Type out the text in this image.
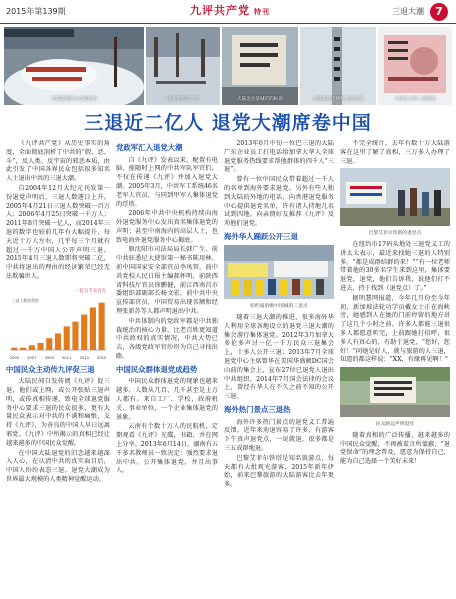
2015年第139期	九评共产党 特刊	三退大潮	7
大陆某地民众自发标语	民众雪地写三退	大陆北方某城市的标语	山西某处电线杆上的大字	人民币上的三退信息
三退近二亿人 退党大潮席卷中国

《九评共产党》从历史事实的角度，全面彻底剖析了中共的“假、恶、斗”，反人类、反宇宙的邪恶本质，由此引发了中国各界民众包括很多知名人士退出中共的三退大潮。

自2004年12月大纪元刊发第一份退党声明后，三退人数逐日上升。2005年4月21日三退人数突破一百万人；2006年4月25日突破一千万人；2011年8月突破一亿人，而2014年三退的数字也较前几年有大幅提升，每天近十万人左右，几乎每三个月就有超过一千万中国人公开声明三退。2015年4月三退人数即将突破二亿，中共将退出的理由的经济繁荣已经无法欺骗世人。

2005 2007 2009 2011 2013 2015
一亿五千五百万
三退人数趋势图
中国民众主动传九评促三退

大陆民间自发传阅《九评》促三退，他们或上网，或公开张贴三退声明，或传真相传递，致电全球退党服务中心要求三退的民众很多，更有大量民众表示对中共的不满和痛恨，支持《九评》，为善良的中国人早日远离邪党。《九评》中所揭示的真相已经让越来越多的中国民众觉醒。

在中国大陆退党的旧念越来越深入人心，在认清中共的真实面目后，中国人纷纷表态三退。退党大潮成为世界最大规模的人类精神觉醒运动。

党政军汇入退党大潮

自《九评》发表以来，配置有电脑、能随时上网的中共军队军官们，不仅在传递《九评》并加入退党大潮。2005年3月，中共军工系统46名老军人官员，与同到甲军人集体退党的浮塔。

2006年中共中央机构持续向海外退党服务中心发出真名集体退党的声明；甚至中南海内的高层人士，也致电海外退党服务中心揭底。

原沈阳市司法局局长韩广生、前中共驻悉尼大使馆第一秘书陈用林、前中国国家安全部官员李凤智，前中共党校人民日报主编郝怀明，前陕西省科技厅官员徐鹏健，前江西南昌市委组织部副部长杨文宏，前中共中央宣传部官员，中国贸易出现名额和经理张新苏等人都声明退出中共。

中共体制内的党政军都是中共独裁统治的核心力量，比老百姓更知道中共政权的真实情况，中共大势已去，各级党政军官纷纷为自己寻找出路。

中国民众群体退党成趋势

中国民众群体退党的现象也越来越多，人数从几百、几千甚至是上万人都有。来自工厂、学校、政府机关、事业单位，一个企业集体退党的景象。

云南有个数十万人的民航机，定期观看《九评》光碟，书籍，并在网上分享。2013年6月14日，湖南有五千多名教师员一致决定：强烈要求退出中共。公开集体退党，并且出事人。

2013年6月中旬一位巴三退的大陆广东企业员工打电话给加拿大华人全球退党服务热线要求帮他群体的四千人“三退”。

曾有一位中国民众带着超过一千人的名单到海外要求退党。另外有些人独到大陆的外地的电话，向香港退党服务中心提供退党名单，许有诸人持地几名试到四地，向亲朋好友推荐《九评》及劝他们退党。

海外华人踊跃公开三退
纽约曼哈顿中国城的三退点

随着三退大潮的推进，很多海外华人利用全球各地设立的退党三退大潮的集会游行集体退党。2012年3月加拿大多伦多声讨一亿一千万民众三退集会上，十多人公开三退；2013年7月全球退党中心主席曾华在美国华盛顿DC国会山前的集会上，宣布27位已退党人退出中共组织。2014年7月国会法律的会议上，曾经有华人在不久之前不知的公开三退。

海外热门景点三退热

海外许多热门景点的退党义工普遍反馈，近年来劝退容易了许多，有游客下午真声退党点，一说就退，很多都是三五成群地退。

巴黎艾菲尔铁塔是知名旅游点，每天都有大批观光游客，2015年新年伊始，前来巴黎旅游的大陆游客比去年更多。

不完全统计，去年有数十万大陆游客在这里了解了真相，三万多人办理了三退。

巴黎艾菲尔铁塔的退党点

在纽约市17码头地处三退党义工的讲太太表示，最近来找她三退的人特别多。“都是成群结群的来！”“有一位老师带着他的30多名学生来到这里，集体要退党，退党，他们告诉我，说他们打不进去，持于找到（退党点）了。”

据明慧网报道，今年几月份至今年初，新加坡法轮功学员戴女士正在海峡旁，她感到人在她的门前停留的地方讲了这几个小时之前，许多人都能三退很多人都愿意听完，上前跟她打招呼，很多人有真心的，有助于退党，“您好，您好！”问她是好人，就与旅游的人三退，知道的都这样说：“XX，有缘再见啊！”

民众路边声明退党

随着真相的广泛传播，越来越多的中国民众觉醒，不再被谎言所蒙蔽，“退党保命”的理念普及，愿意为保持自己，能为自己选择一个美好未来！
